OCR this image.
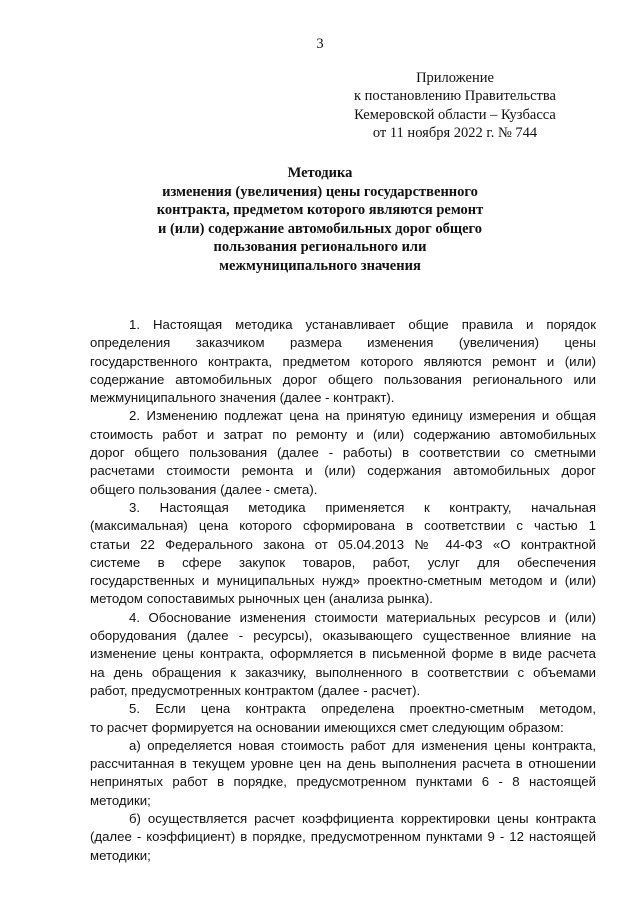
3
Приложение
к постановлению Правительства
Кемеровской области – Кузбасса
от 11 ноября 2022 г. № 744
Методика
изменения (увеличения) цены государственного
контракта, предметом которого являются ремонт
и (или) содержание автомобильных дорог общего
пользования регионального или
межмуниципального значения
1. Настоящая методика устанавливает общие правила и порядок
определения заказчиком размера изменения (увеличения) цены
государственного контракта, предметом которого являются ремонт и (или)
содержание автомобильных дорог общего пользования регионального или
межмуниципального значения (далее - контракт).
2. Изменению подлежат цена на принятую единицу измерения и общая
стоимость работ и затрат по ремонту и (или) содержанию автомобильных
дорог общего пользования (далее - работы) в соответствии со сметными
расчетами стоимости ремонта и (или) содержания автомобильных дорог
общего пользования (далее - смета).
3. Настоящая методика применяется к контракту, начальная
(максимальная) цена которого сформирована в соответствии с частью 1
статьи 22 Федерального закона от 05.04.2013 № 44-ФЗ «О контрактной
системе в сфере закупок товаров, работ, услуг для обеспечения
государственных и муниципальных нужд» проектно-сметным методом и (или)
методом сопоставимых рыночных цен (анализа рынка).
4. Обоснование изменения стоимости материальных ресурсов и (или)
оборудования (далее - ресурсы), оказывающего существенное влияние на
изменение цены контракта, оформляется в письменной форме в виде расчета
на день обращения к заказчику, выполненного в соответствии с объемами
работ, предусмотренных контрактом (далее - расчет).
5. Если цена контракта определена проектно-сметным методом,
то расчет формируется на основании имеющихся смет следующим образом:
а) определяется новая стоимость работ для изменения цены контракта,
рассчитанная в текущем уровне цен на день выполнения расчета в отношении
непринятых работ в порядке, предусмотренном пунктами 6 - 8 настоящей
методики;
б) осуществляется расчет коэффициента корректировки цены контракта
(далее - коэффициент) в порядке, предусмотренном пунктами 9 - 12 настоящей
методики;
